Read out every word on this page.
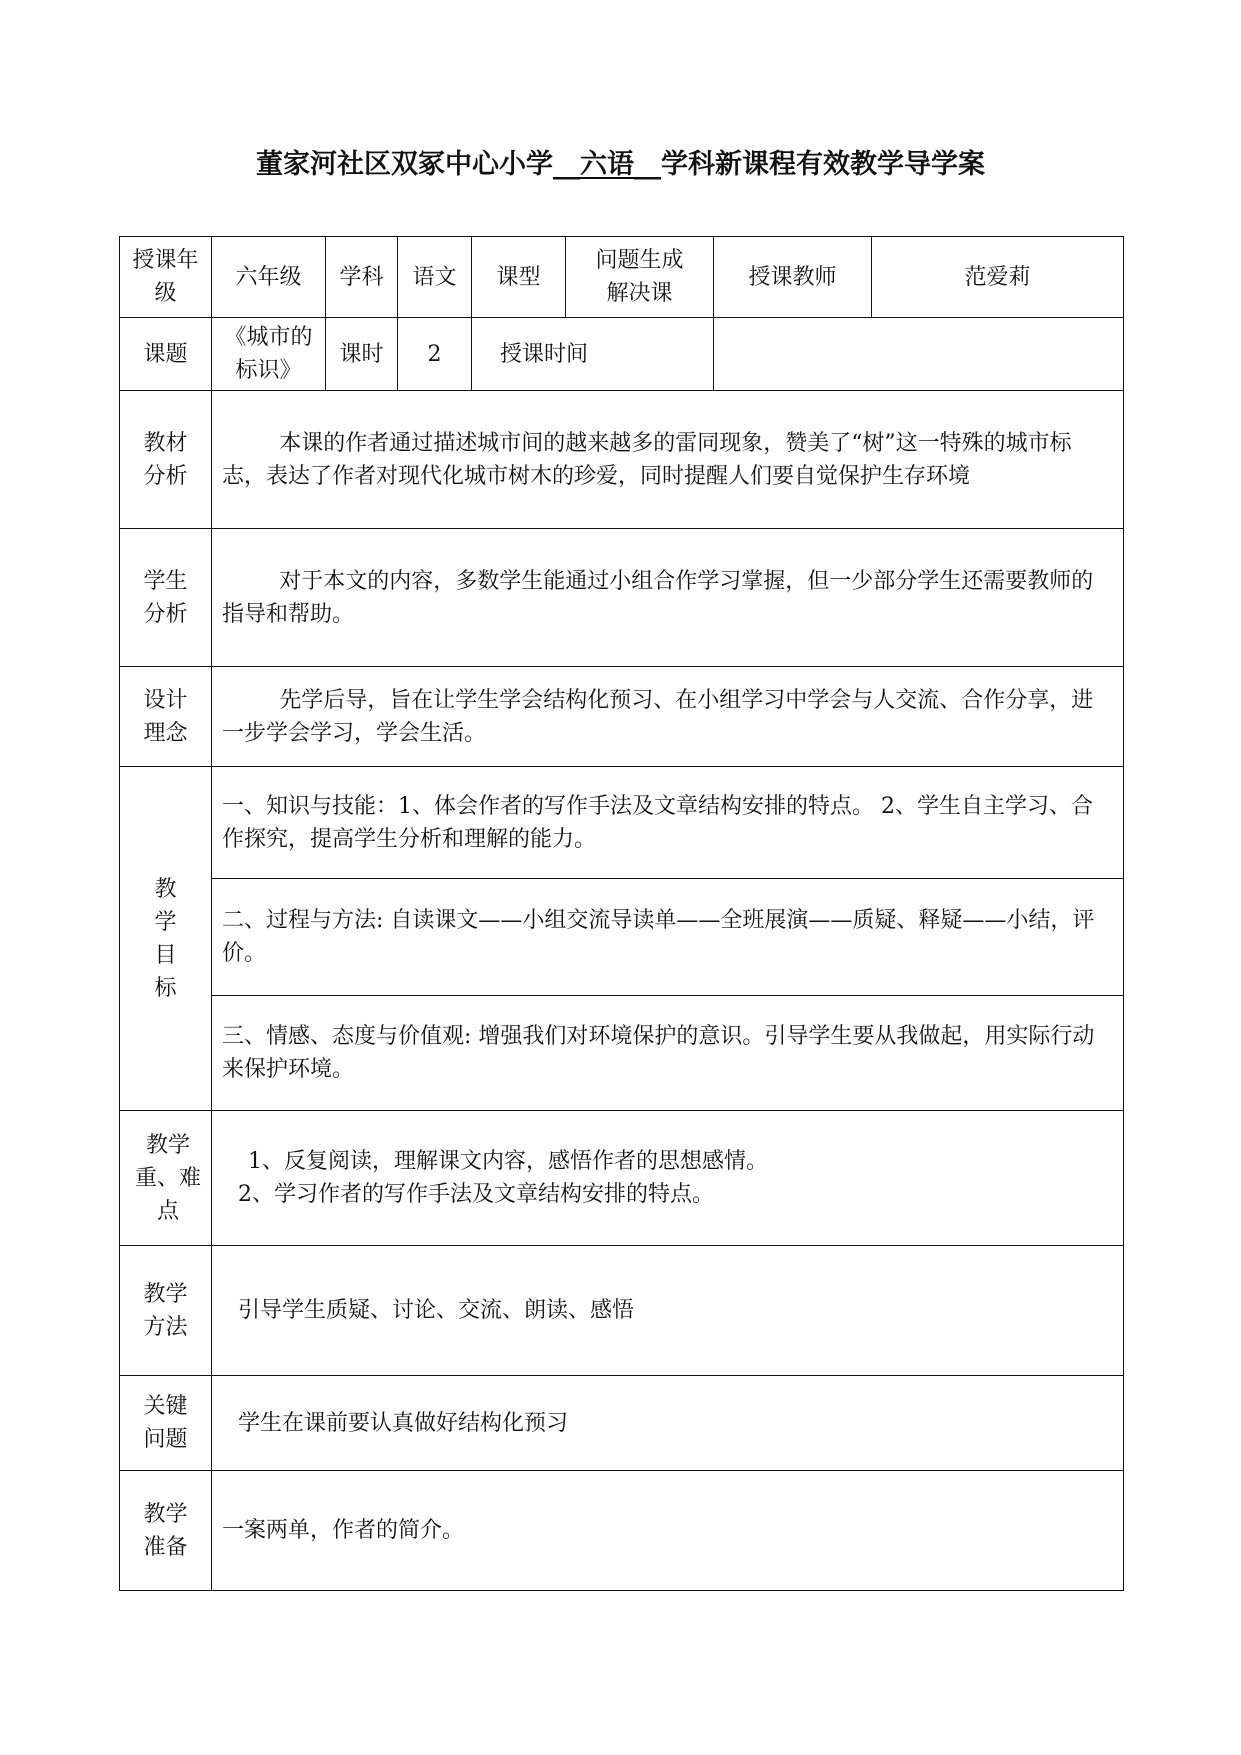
董家河社区双冢中心小学__六语__学科新课程有效教学导学案
授课年级	六年级	学科	语文	课型	问题生成解决课	授课教师	范爱莉
课题	《城市的标识》	课时	2	授课时间			
教材分析	本课的作者通过描述城市间的越来越多的雷同现象，赞美了“树”这一特殊的城市标志，表达了作者对现代化城市树木的珍爱，同时提醒人们要自觉保护生存环境						

学生分析	对于本文的内容，多数学生能通过小组合作学习掌握，但一少部分学生还需要教师的指导和帮助。						

设计理念	先学后导，旨在让学生学会结构化预习、在小组学习中学会与人交流、合作分享，进一步学会学习，学会生活。						

教学目标	一、知识与技能：1、体会作者的写作手法及文章结构安排的特点。 2、学生自主学习、合作探究，提高学生分析和理解的能力。						
	二、过程与方法: 自读课文——小组交流导读单——全班展演——质疑、释疑——小结，评价。						
	三、情感、态度与价值观: 增强我们对环境保护的意识。引导学生要从我做起，用实际行动来保护环境。						
教学重、难点	1、反复阅读，理解课文内容，感悟作者的思想感情。
2、学习作者的写作手法及文章结构安排的特点。						

教学方法	引导学生质疑、讨论、交流、朗读、感悟						
关键问题	学生在课前要认真做好结构化预习						
教学准备	一案两单，作者的简介。						
